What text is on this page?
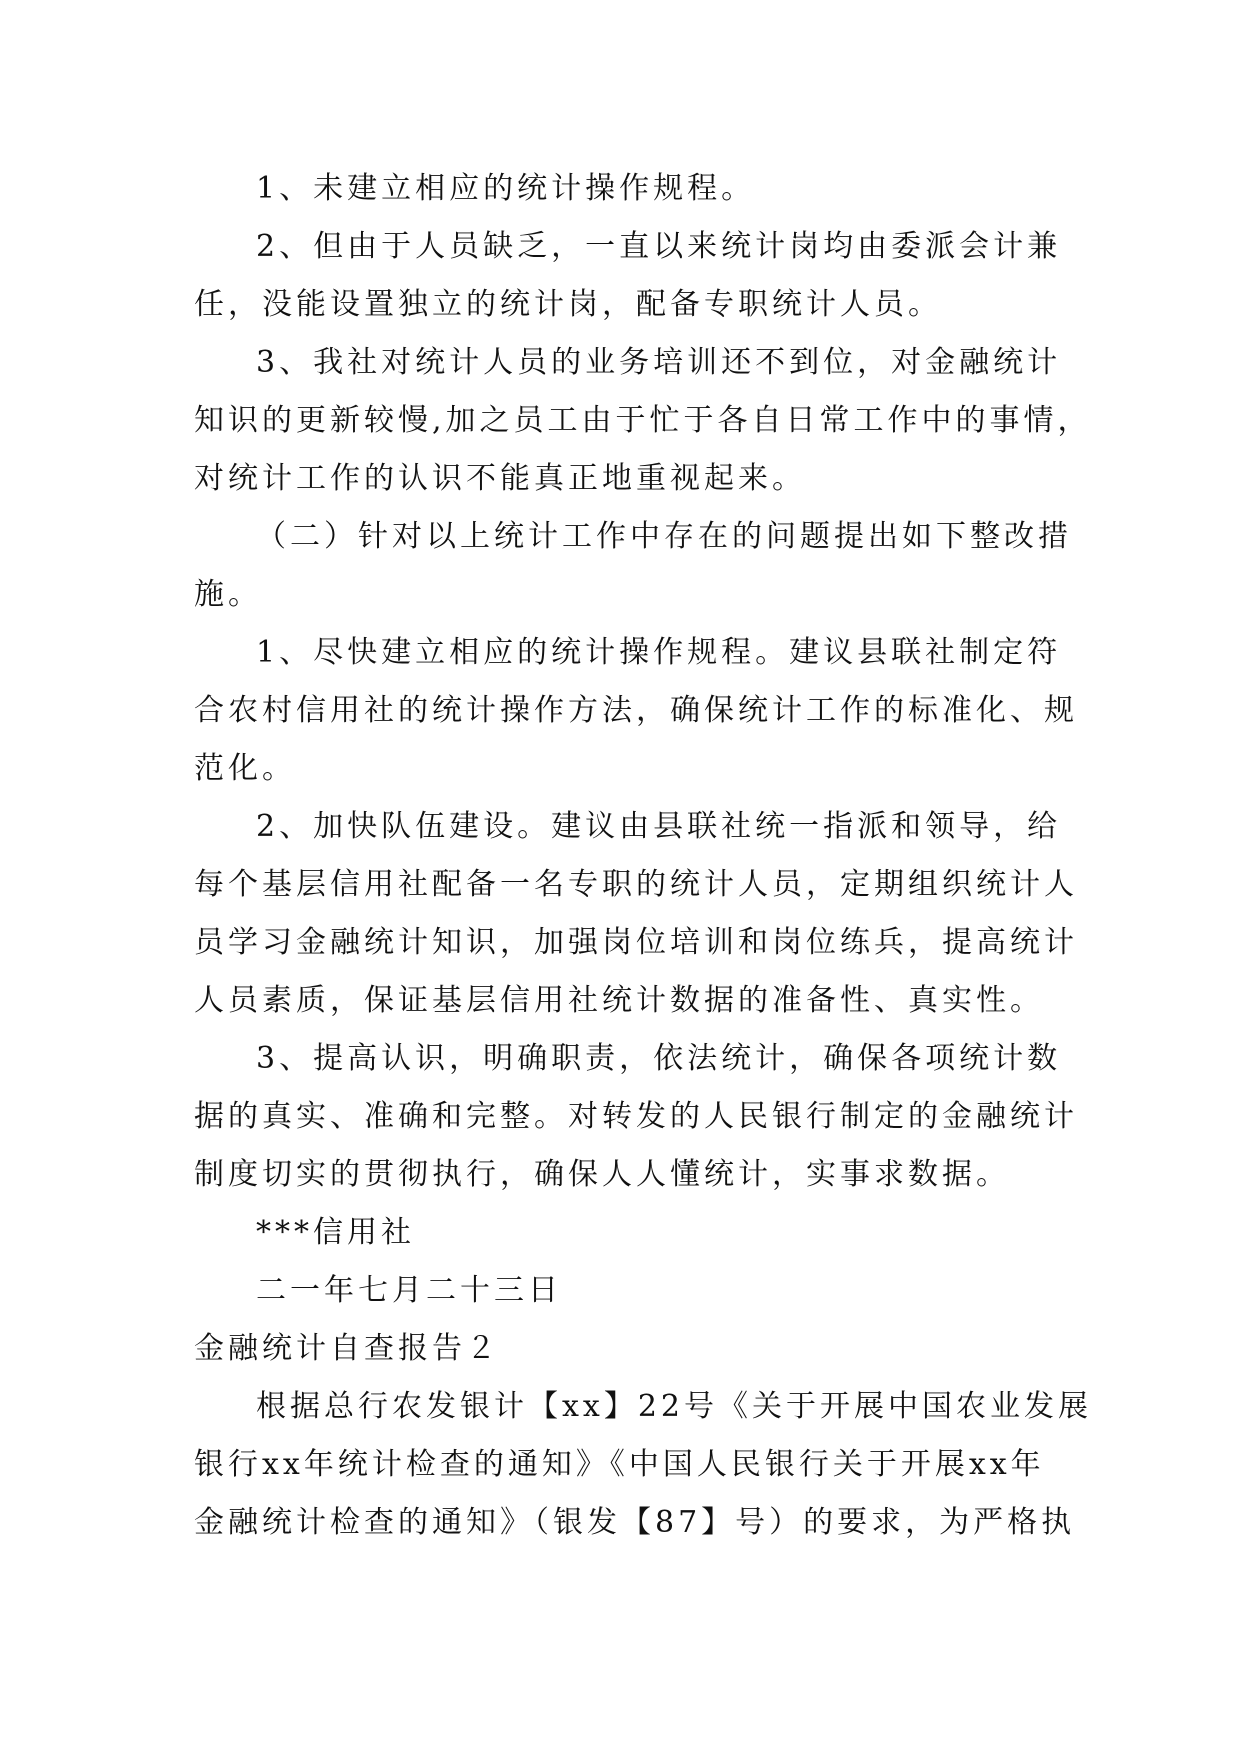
1、未建立相应的统计操作规程。
2、但由于人员缺乏，一直以来统计岗均由委派会计兼
任，没能设置独立的统计岗，配备专职统计人员。
3、我社对统计人员的业务培训还不到位，对金融统计
知识的更新较慢,加之员工由于忙于各自日常工作中的事情，
对统计工作的认识不能真正地重视起来。
（二）针对以上统计工作中存在的问题提出如下整改措
施。
1、尽快建立相应的统计操作规程。建议县联社制定符
合农村信用社的统计操作方法，确保统计工作的标准化、规
范化。
2、加快队伍建设。建议由县联社统一指派和领导，给
每个基层信用社配备一名专职的统计人员，定期组织统计人
员学习金融统计知识，加强岗位培训和岗位练兵，提高统计
人员素质，保证基层信用社统计数据的准备性、真实性。
3、提高认识，明确职责，依法统计，确保各项统计数
据的真实、准确和完整。对转发的人民银行制定的金融统计
制度切实的贯彻执行，确保人人懂统计，实事求数据。
***信用社
二一年七月二十三日
金融统计自查报告２
根据总行农发银计【xx】22号《关于开展中国农业发展
银行xx年统计检查的通知》《中国人民银行关于开展xx年
金融统计检查的通知》（银发【87】号）的要求，为严格执
